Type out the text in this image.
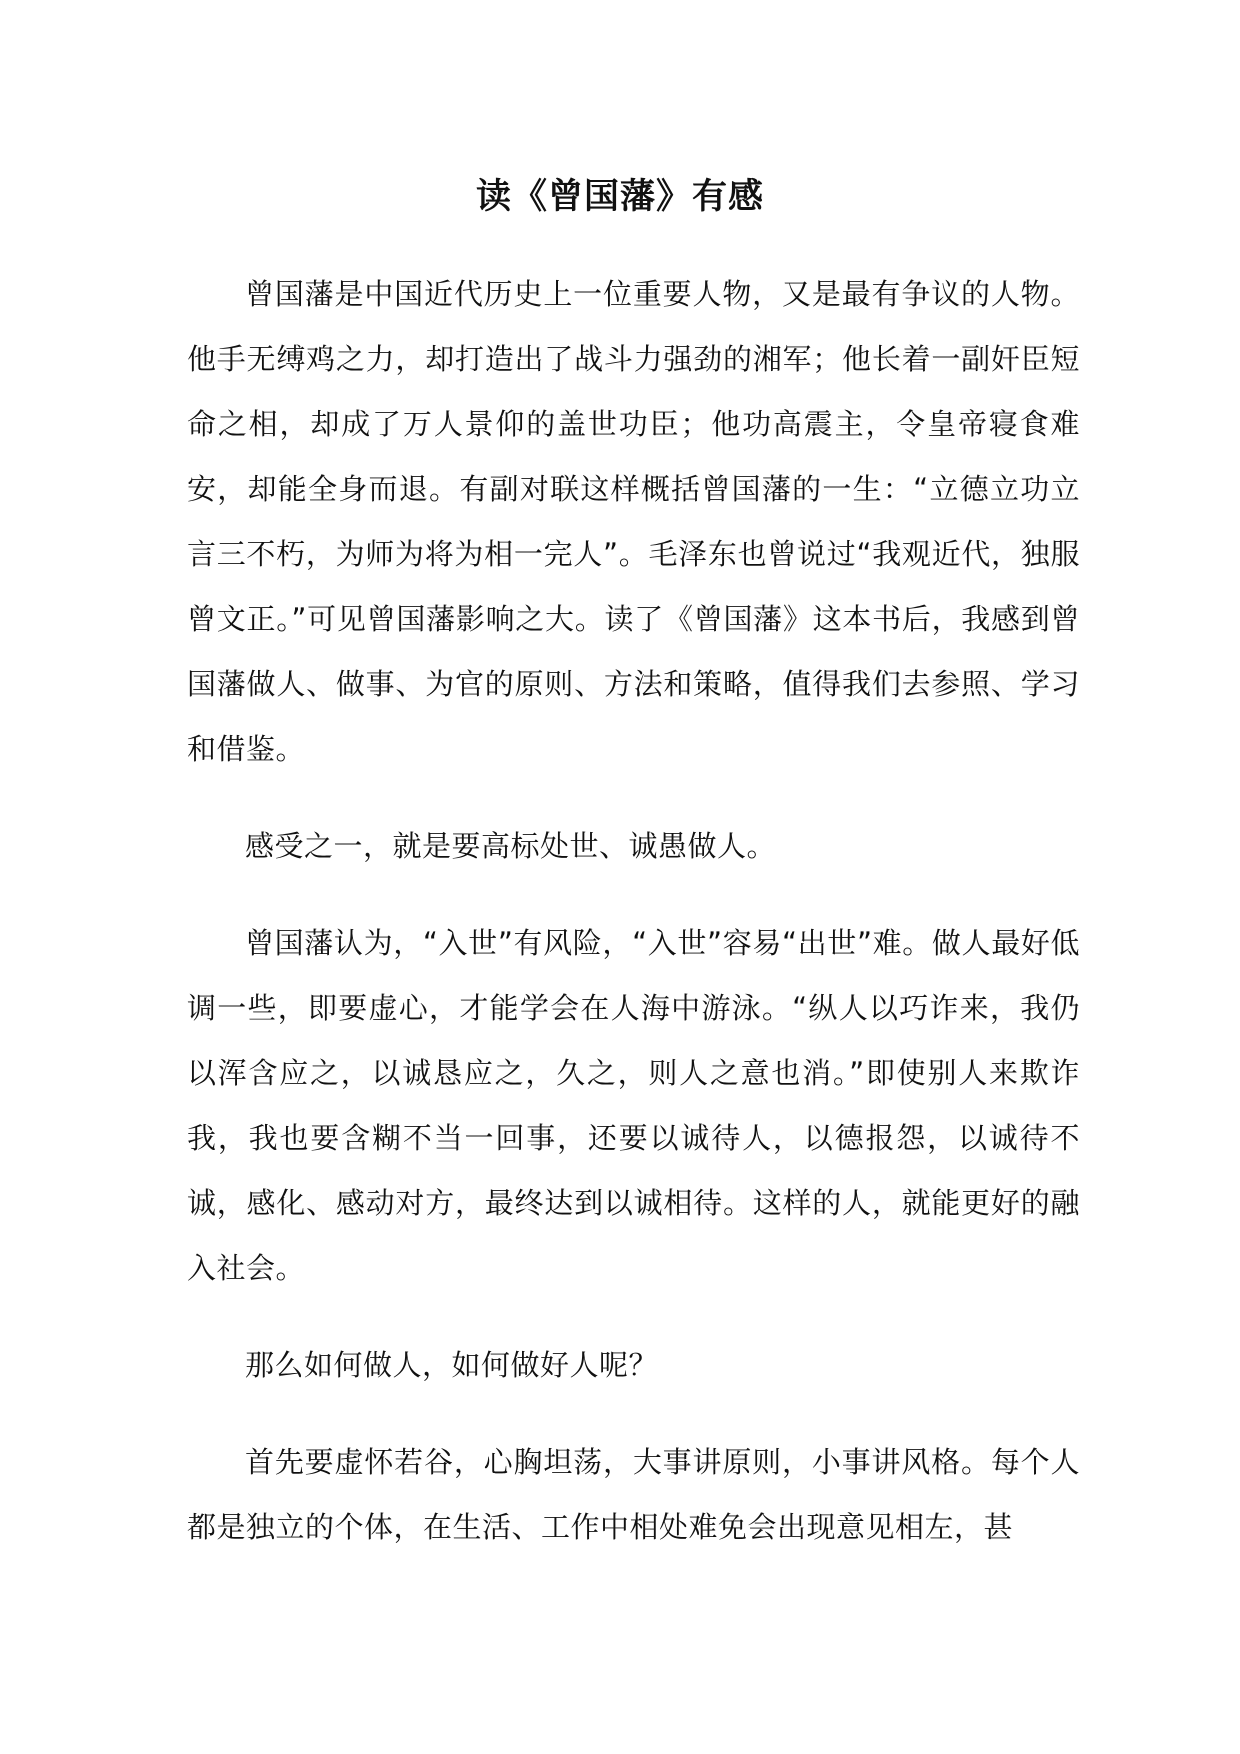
读《曾国藩》有感

曾国藩是中国近代历史上一位重要人物，又是最有争议的人物。他手无缚鸡之力，却打造出了战斗力强劲的湘军；他长着一副奸臣短命之相，却成了万人景仰的盖世功臣；他功高震主，令皇帝寝食难安，却能全身而退。有副对联这样概括曾国藩的一生：“立德立功立言三不朽，为师为将为相一完人”。毛泽东也曾说过“我观近代，独服曾文正。”可见曾国藩影响之大。读了《曾国藩》这本书后，我感到曾国藩做人、做事、为官的原则、方法和策略，值得我们去参照、学习和借鉴。

感受之一，就是要高标处世、诚愚做人。

曾国藩认为，“入世”有风险，“入世”容易“出世”难。做人最好低调一些，即要虚心，才能学会在人海中游泳。“纵人以巧诈来，我仍以浑含应之，以诚恳应之，久之，则人之意也消。”即使别人来欺诈我，我也要含糊不当一回事，还要以诚待人，以德报怨，以诚待不诚，感化、感动对方，最终达到以诚相待。这样的人，就能更好的融入社会。

那么如何做人，如何做好人呢？

首先要虚怀若谷，心胸坦荡，大事讲原则，小事讲风格。每个人都是独立的个体，在生活、工作中相处难免会出现意见相左，甚
